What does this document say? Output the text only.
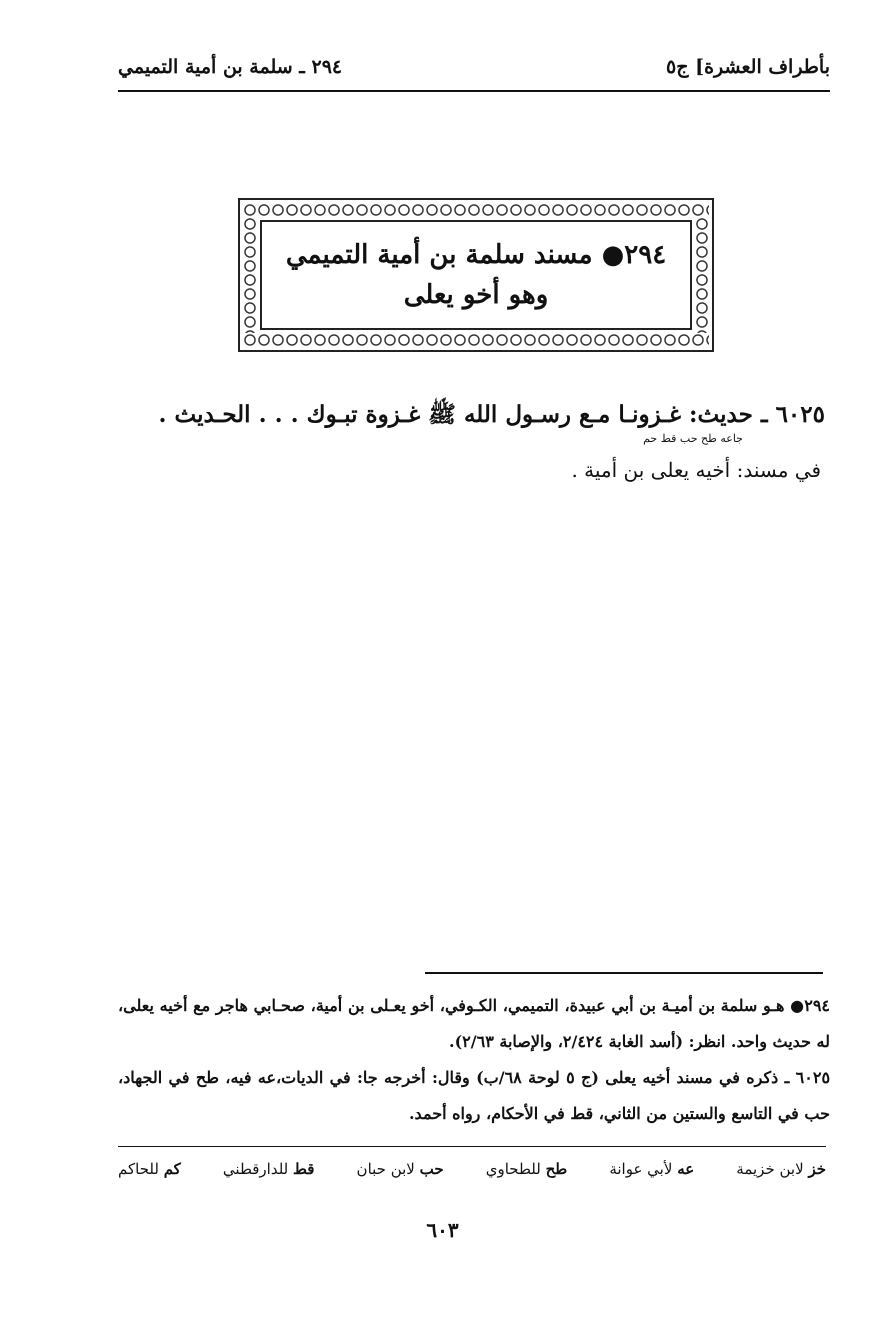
بأطراف العشرة] ج٥
٢٩٤ ـ سلمة بن أمية التميمي
٢٩٤● مسند سلمة بن أمية التميمي
وهو أخو يعلى
٦٠٢٥ ـ حديث: غـزونـا مـع رسـول الله ﷺ غـزوة تبـوك . . . الحـديث .
جاعه طح حب قط حم
في مسند: أخيه يعلى بن أمية .

٢٩٤● هـو سلمة بن أميـة بن أبي عبيدة، التميمي، الكـوفي، أخو يعـلى بن أمية، صحـابي هاجر مع أخيه يعلى، له حديث واحد. انظر: (أسد الغابة ٢/٤٢٤، والإصابة ٢/٦٣).

٦٠٢٥ ـ ذكره في مسند أخيه يعلى (ج ٥ لوحة ٦٨/ب) وقال: أخرجه جا: في الديات،عه فيه، طح في الجهاد، حب في التاسع والستين من الثاني، قط في الأحكام، رواه أحمد.

خز لابن خزيمة
عه لأبي عوانة
طح للطحاوي
حب لابن حبان
قط للدارقطني
كم للحاكم
٦٠٣
